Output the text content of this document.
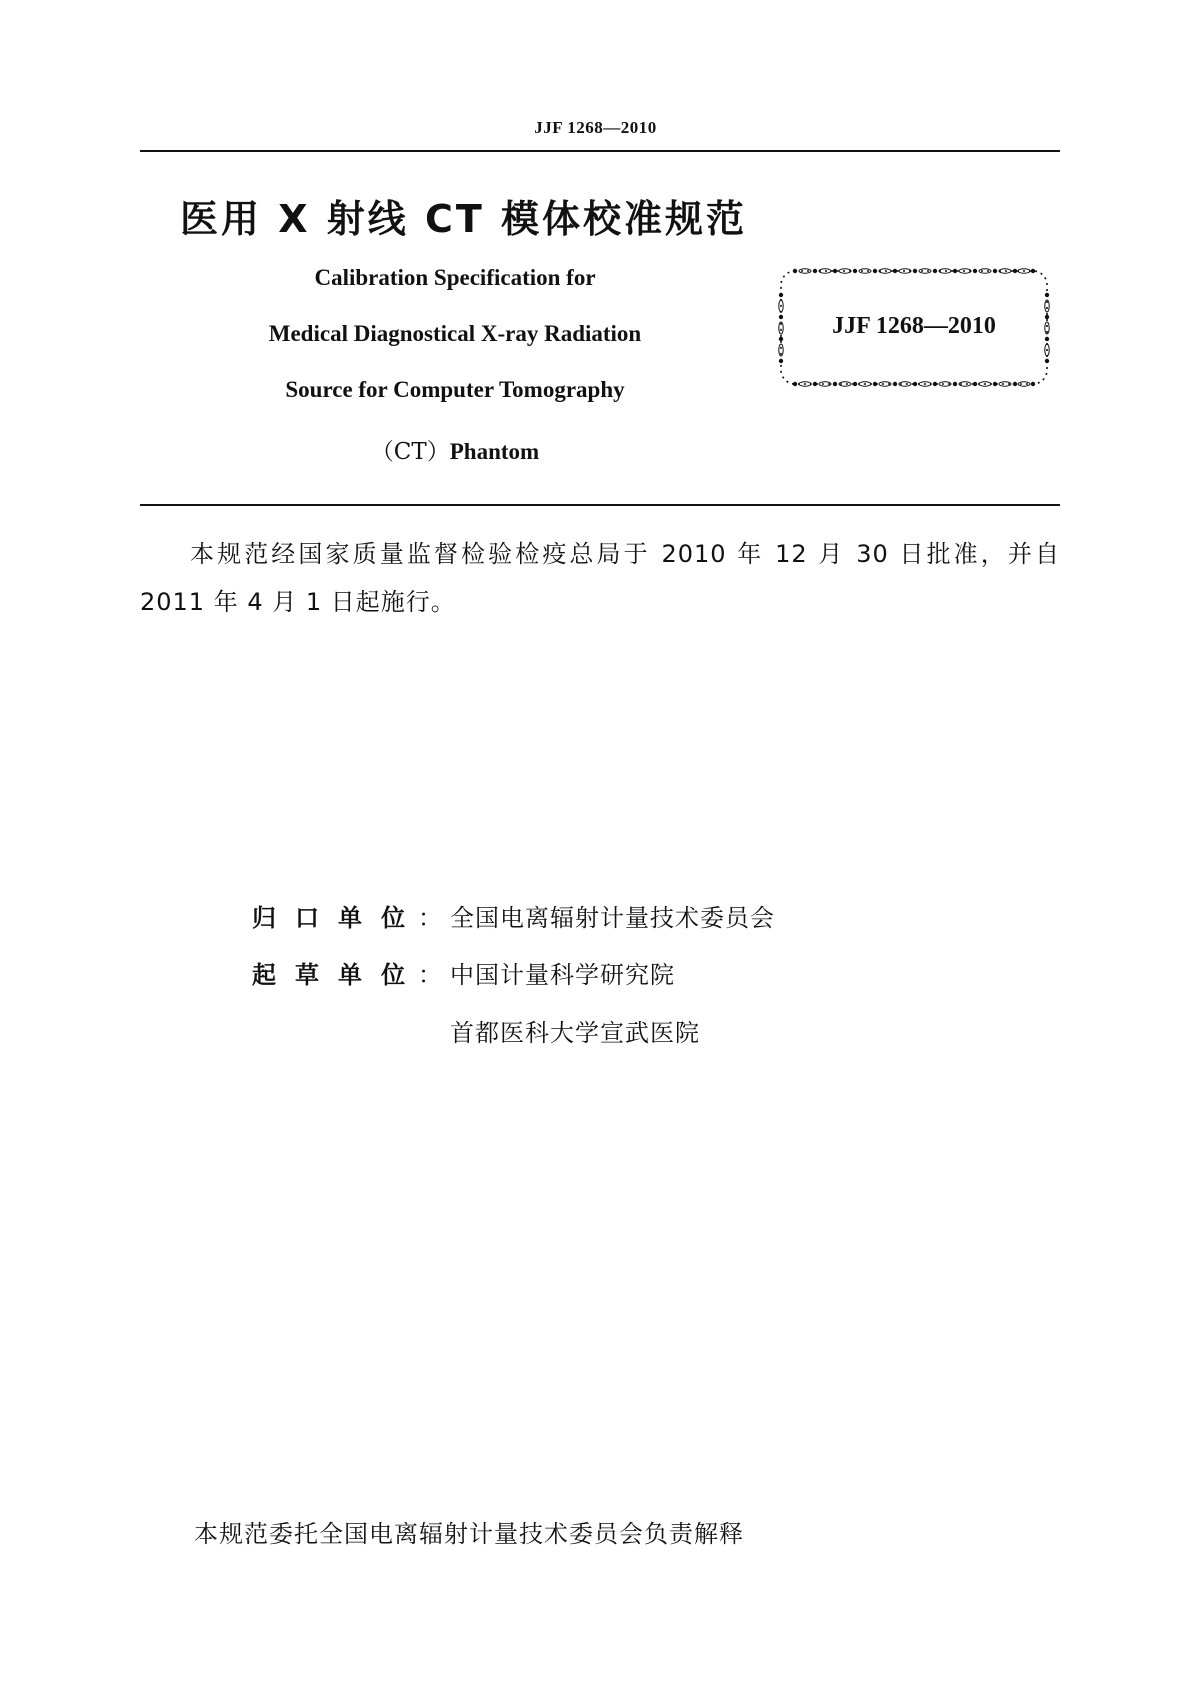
JJF 1268—2010
医用 X 射线 CT 模体校准规范
Calibration Specification for
Medical Diagnostical X-ray Radiation
Source for Computer Tomography
（CT）Phantom
JJF 1268—2010
本规范经国家质量监督检验检疫总局于 2010 年 12 月 30 日批准，并自 2011 年 4 月 1 日起施行。
归口单位
： 全国电离辐射计量技术委员会
起草单位
： 中国计量科学研究院
首都医科大学宣武医院
本规范委托全国电离辐射计量技术委员会负责解释
